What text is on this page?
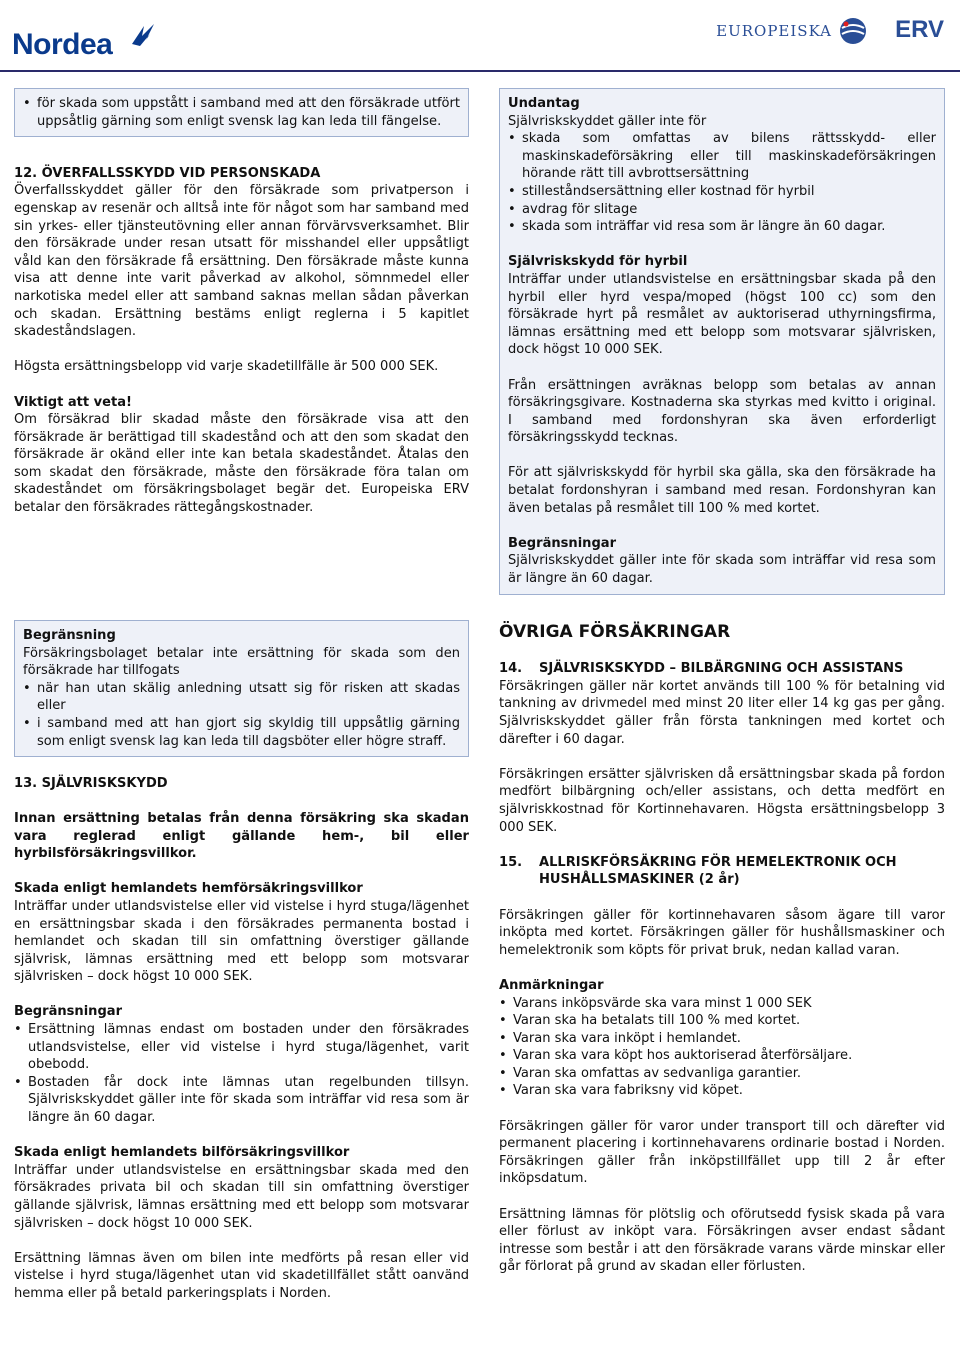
Nordea	EUROPEISKA	ERV
• för skada som uppstått i samband med att den försäkrade utfört uppsåtlig gärning som enligt svensk lag kan leda till fängelse.

12. ÖVERFALLSSKYDD VID PERSONSKADA

Överfallsskyddet gäller för den försäkrade som privatperson i egenskap av resenär och alltså inte för något som har samband med sin yrkes- eller tjänsteutövning eller annan förvärvsverksamhet. Blir den försäkrade under resan utsatt för misshandel eller uppsåtligt våld kan den försäkrade få ersättning. Den försäkrade måste kunna visa att denne inte varit påverkad av alkohol, sömnmedel eller narkotiska medel eller att samband saknas mellan sådan påverkan och skadan. Ersättning bestäms enligt reglerna i 5 kapitlet skadeståndslagen.

Högsta ersättningsbelopp vid varje skadetillfälle är 500 000 SEK.

Viktigt att veta!

Om försäkrad blir skadad måste den försäkrade visa att den försäkrade är berättigad till skadestånd och att den som skadat den försäkrade är okänd eller inte kan betala skadeståndet. Åtalas den som skadat den försäkrade, måste den försäkrade föra talan om skadeståndet om försäkringsbolaget begär det. Europeiska ERV betalar den försäkrades rättegångskostnader.

Begränsning

Försäkringsbolaget betalar inte ersättning för skada som den försäkrade har tillfogats

• när han utan skälig anledning utsatt sig för risken att skadas eller
• i samband med att han gjort sig skyldig till uppsåtlig gärning som enligt svensk lag kan leda till dagsböter eller högre straff.

13. SJÄLVRISKSKYDD

Innan ersättning betalas från denna försäkring ska skadan vara reglerad enligt gällande hem-, bil eller hyrbilsförsäkringsvillkor.

Skada enligt hemlandets hemförsäkringsvillkor

Inträffar under utlandsvistelse eller vid vistelse i hyrd stuga/lägenhet en ersättningsbar skada i den försäkrades permanenta bostad i hemlandet och skadan till sin omfattning överstiger gällande självrisk, lämnas ersättning med ett belopp som motsvarar självrisken – dock högst 10 000 SEK.

Begränsningar

• Ersättning lämnas endast om bostaden under den försäkrades utlandsvistelse, eller vid vistelse i hyrd stuga/lägenhet, varit obebodd.
• Bostaden får dock inte lämnas utan regelbunden tillsyn. Självriskskyddet gäller inte för skada som inträffar vid resa som är längre än 60 dagar.

Skada enligt hemlandets bilförsäkringsvillkor

Inträffar under utlandsvistelse en ersättningsbar skada med den försäkrades privata bil och skadan till sin omfattning överstiger gällande självrisk, lämnas ersättning med ett belopp som motsvarar självrisken – dock högst 10 000 SEK.

Ersättning lämnas även om bilen inte medförts på resan eller vid vistelse i hyrd stuga/lägenhet utan vid skadetillfället stått oanvänd hemma eller på betald parkeringsplats i Norden.

Undantag

Självriskskyddet gäller inte för

• skada som omfattas av bilens rättsskydd- eller maskinskadeförsäkring eller till maskinskadeförsäkringen hörande rätt till avbrottsersättning
• stilleståndsersättning eller kostnad för hyrbil
• avdrag för slitage
• skada som inträffar vid resa som är längre än 60 dagar.

Självriskskydd för hyrbil

Inträffar under utlandsvistelse en ersättningsbar skada på den hyrbil eller hyrd vespa/moped (högst 100 cc) som den försäkrade hyrt på resmålet av auktoriserad uthyrningsfirma, lämnas ersättning med ett belopp som motsvarar självrisken, dock högst 10 000 SEK.

Från ersättningen avräknas belopp som betalas av annan försäkringsgivare. Kostnaderna ska styrkas med kvitto i original. I samband med fordonshyran ska även erforderligt försäkringsskydd tecknas.

För att självriskskydd för hyrbil ska gälla, ska den försäkrade ha betalat fordonshyran i samband med resan. Fordonshyran kan även betalas på resmålet till 100 % med kortet.

Begränsningar

Självriskskyddet gäller inte för skada som inträffar vid resa som är längre än 60 dagar.

ÖVRIGA FÖRSÄKRINGAR

14.	SJÄLVRISKSKYDD – BILBÄRGNING OCH ASSISTANS

Försäkringen gäller när kortet används till 100 % för betalning vid tankning av drivmedel med minst 20 liter eller 14 kg gas per gång. Självriskskyddet gäller från första tankningen med kortet och därefter i 60 dagar.

Försäkringen ersätter självrisken då ersättningsbar skada på fordon medfört bilbärgning och/eller assistans, och detta medfört en självriskkostnad för Kortinnehavaren. Högsta ersättningsbelopp 3 000 SEK.

15.	ALLRISKFÖRSÄKRING FÖR HEMELEKTRONIK OCH HUSHÅLLSMASKINER (2 år)

Försäkringen gäller för kortinnehavaren såsom ägare till varor inköpta med kortet. Försäkringen gäller för hushållsmaskiner och hemelektronik som köpts för privat bruk, nedan kallad varan.

Anmärkningar

• Varans inköpsvärde ska vara minst 1 000 SEK
• Varan ska ha betalats till 100 % med kortet.
• Varan ska vara inköpt i hemlandet.
• Varan ska vara köpt hos auktoriserad återförsäljare.
• Varan ska omfattas av sedvanliga garantier.
• Varan ska vara fabriksny vid köpet.

Försäkringen gäller för varor under transport till och därefter vid permanent placering i kortinnehavarens ordinarie bostad i Norden. Försäkringen gäller från inköpstillfället upp till 2 år efter inköpsdatum.

Ersättning lämnas för plötslig och oförutsedd fysisk skada på vara eller förlust av inköpt vara. Försäkringen avser endast sådant intresse som består i att den försäkrade varans värde minskar eller går förlorat på grund av skadan eller förlusten.
